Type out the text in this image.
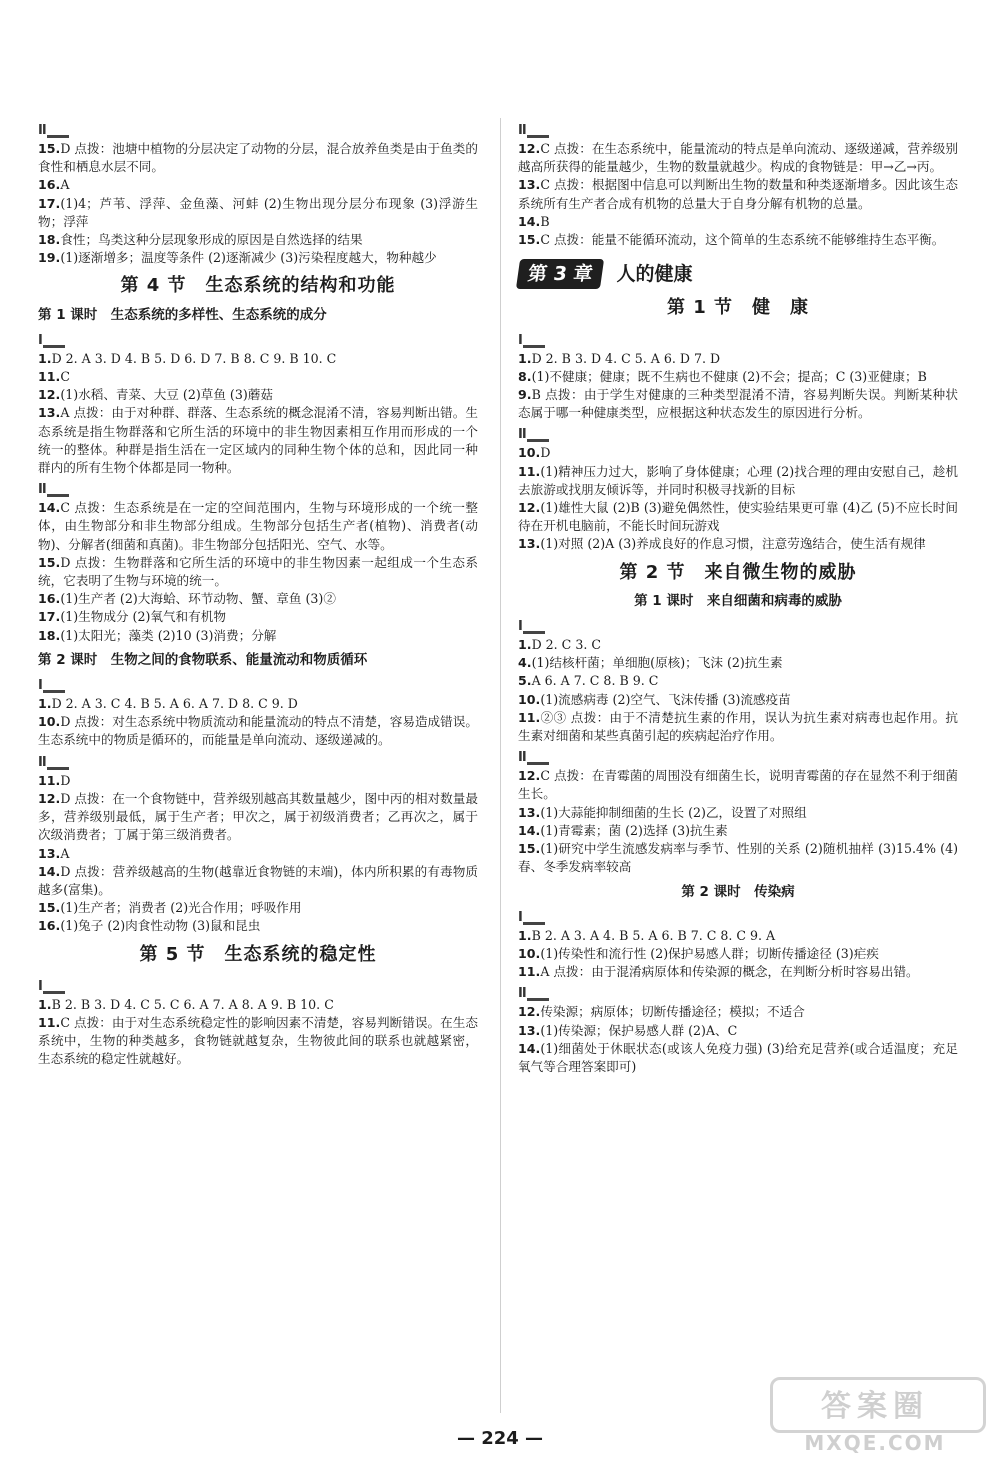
II
15.D 点拨：池塘中植物的分层决定了动物的分层，混合放养鱼类是由于鱼类的食性和栖息水层不同。
16.A
17.(1)4；芦苇、浮萍、金鱼藻、河蚌 (2)生物出现分层分布现象 (3)浮游生物；浮萍
18.食性；鸟类这种分层现象形成的原因是自然选择的结果
19.(1)逐渐增多；温度等条件 (2)逐渐减少 (3)污染程度越大，物种越少
第 4 节　生态系统的结构和功能
第 1 课时　生态系统的多样性、生态系统的成分
I
1.D 2. A 3. D 4. B 5. D 6. D 7. B 8. C 9. B 10. C
11.C
12.(1)水稻、青菜、大豆 (2)草鱼 (3)蘑菇
13.A 点拨：由于对种群、群落、生态系统的概念混淆不清，容易判断出错。生态系统是指生物群落和它所生活的环境中的非生物因素相互作用而形成的一个统一的整体。种群是指生活在一定区域内的同种生物个体的总和，因此同一种群内的所有生物个体都是同一物种。
II
14.C 点拨：生态系统是在一定的空间范围内，生物与环境形成的一个统一整体，由生物部分和非生物部分组成。生物部分包括生产者(植物)、消费者(动物)、分解者(细菌和真菌)。非生物部分包括阳光、空气、水等。
15.D 点拨：生物群落和它所生活的环境中的非生物因素一起组成一个生态系统，它表明了生物与环境的统一。
16.(1)生产者 (2)大海蛤、环节动物、蟹、章鱼 (3)②
17.(1)生物成分 (2)氧气和有机物
18.(1)太阳光；藻类 (2)10 (3)消费；分解
第 2 课时　生物之间的食物联系、能量流动和物质循环
I
1.D 2. A 3. C 4. B 5. A 6. A 7. D 8. C 9. D
10.D 点拨：对生态系统中物质流动和能量流动的特点不清楚，容易造成错误。生态系统中的物质是循环的，而能量是单向流动、逐级递减的。
II
11.D
12.D 点拨：在一个食物链中，营养级别越高其数量越少，图中丙的相对数量最多，营养级别最低，属于生产者；甲次之，属于初级消费者；乙再次之，属于次级消费者；丁属于第三级消费者。
13.A
14.D 点拨：营养级越高的生物(越靠近食物链的末端)，体内所积累的有毒物质越多(富集)。
15.(1)生产者；消费者 (2)光合作用；呼吸作用
16.(1)兔子 (2)肉食性动物 (3)鼠和昆虫
第 5 节　生态系统的稳定性
I
1.B 2. B 3. D 4. C 5. C 6. A 7. A 8. A 9. B 10. C
11.C 点拨：由于对生态系统稳定性的影响因素不清楚，容易判断错误。在生态系统中，生物的种类越多，食物链就越复杂，生物彼此间的联系也就越紧密，生态系统的稳定性就越好。
II
12.C 点拨：在生态系统中，能量流动的特点是单向流动、逐级递减，营养级别越高所获得的能量越少，生物的数量就越少。构成的食物链是：甲→乙→丙。
13.C 点拨：根据图中信息可以判断出生物的数量和种类逐渐增多。因此该生态系统所有生产者合成有机物的总量大于自身分解有机物的总量。
14.B
15.C 点拨：能量不能循环流动，这个简单的生态系统不能够维持生态平衡。
第 3 章	人的健康
第 1 节　健　康
I
1.D 2. B 3. D 4. C 5. A 6. D 7. D
8.(1)不健康；健康；既不生病也不健康 (2)不会；提高；C (3)亚健康；B
9.B 点拨：由于学生对健康的三种类型混淆不清，容易判断失误。判断某种状态属于哪一种健康类型，应根据这种状态发生的原因进行分析。
II
10.D
11.(1)精神压力过大，影响了身体健康；心理 (2)找合理的理由安慰自己，趁机去旅游或找朋友倾诉等，并同时积极寻找新的目标
12.(1)雄性大鼠 (2)B (3)避免偶然性，使实验结果更可靠 (4)乙 (5)不应长时间待在开机电脑前，不能长时间玩游戏
13.(1)对照 (2)A (3)养成良好的作息习惯，注意劳逸结合，使生活有规律
第 2 节　来自微生物的威胁
第 1 课时　来自细菌和病毒的威胁
I
1.D 2. C 3. C
4.(1)结核杆菌；单细胞(原核)；飞沫 (2)抗生素
5.A 6. A 7. C 8. B 9. C
10.(1)流感病毒 (2)空气、飞沫传播 (3)流感疫苗
11.②③ 点拨：由于不清楚抗生素的作用，误认为抗生素对病毒也起作用。抗生素对细菌和某些真菌引起的疾病起治疗作用。
II
12.C 点拨：在青霉菌的周围没有细菌生长，说明青霉菌的存在显然不利于细菌生长。
13.(1)大蒜能抑制细菌的生长 (2)乙，设置了对照组
14.(1)青霉素；菌 (2)选择 (3)抗生素
15.(1)研究中学生流感发病率与季节、性别的关系 (2)随机抽样 (3)15.4% (4)春、冬季发病率较高
第 2 课时　传染病
I
1.B 2. A 3. A 4. B 5. A 6. B 7. C 8. C 9. A
10.(1)传染性和流行性 (2)保护易感人群；切断传播途径 (3)疟疾
11.A 点拨：由于混淆病原体和传染源的概念，在判断分析时容易出错。
II
12.传染源；病原体；切断传播途径；模拟；不适合
13.(1)传染源；保护易感人群 (2)A、C
14.(1)细菌处于休眠状态(或该人免疫力强) (3)给充足营养(或合适温度；充足氧气等合理答案即可)
— 224 —
答案圈
MXQE.COM
